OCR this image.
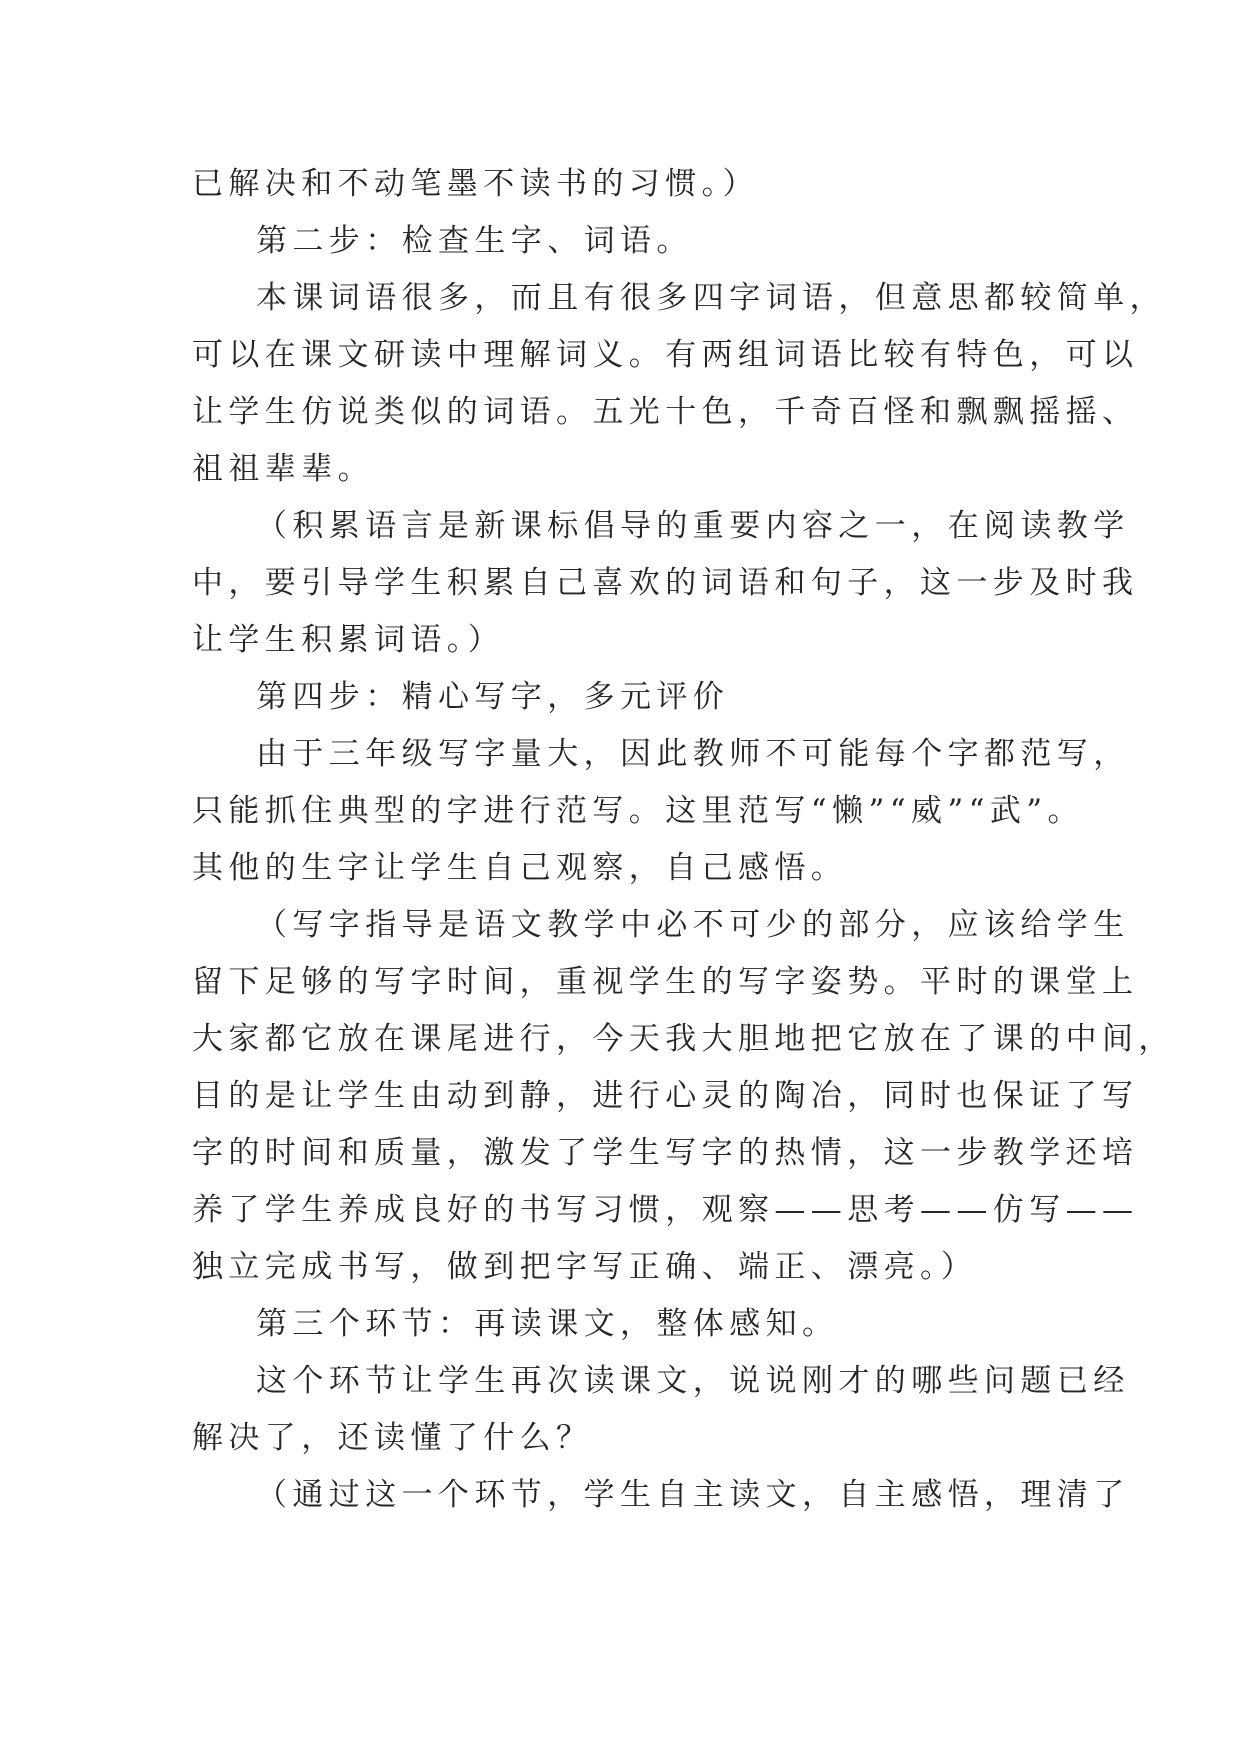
已解决和不动笔墨不读书的习惯。）

第二步：检查生字、词语。

本课词语很多，而且有很多四字词语，但意思都较简单，

可以在课文研读中理解词义。有两组词语比较有特色，可以

让学生仿说类似的词语。五光十色，千奇百怪和飘飘摇摇、

祖祖辈辈。

（积累语言是新课标倡导的重要内容之一，在阅读教学

中，要引导学生积累自己喜欢的词语和句子，这一步及时我

让学生积累词语。）

第四步：精心写字，多元评价

由于三年级写字量大，因此教师不可能每个字都范写，

只能抓住典型的字进行范写。这里范写“懒”“威”“武”。

其他的生字让学生自己观察，自己感悟。

（写字指导是语文教学中必不可少的部分，应该给学生

留下足够的写字时间，重视学生的写字姿势。平时的课堂上

大家都它放在课尾进行，今天我大胆地把它放在了课的中间，

目的是让学生由动到静，进行心灵的陶冶，同时也保证了写

字的时间和质量，激发了学生写字的热情，这一步教学还培

养了学生养成良好的书写习惯，观察——思考——仿写——

独立完成书写，做到把字写正确、端正、漂亮。）

第三个环节：再读课文，整体感知。

这个环节让学生再次读课文，说说刚才的哪些问题已经

解决了，还读懂了什么？

（通过这一个环节，学生自主读文，自主感悟，理清了
